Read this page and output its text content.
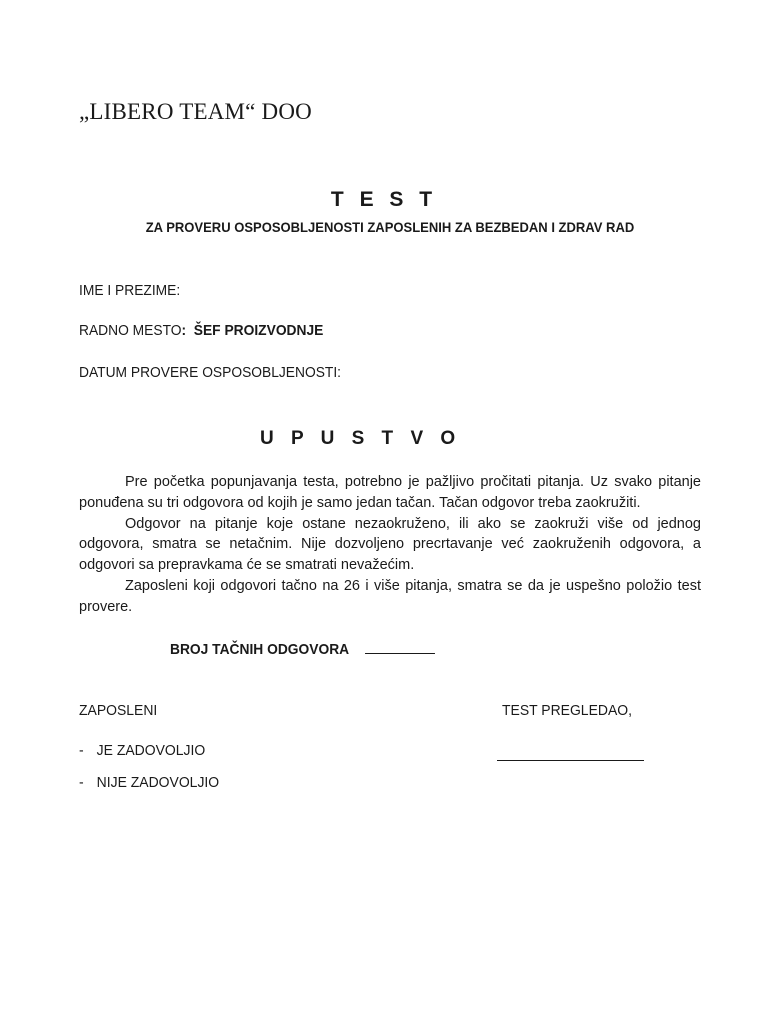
„LIBERO TEAM“ DOO
T E S T
ZA PROVERU OSPOSOBLJENOSTI ZAPOSLENIH ZA BEZBEDAN I ZDRAV RAD
IME I PREZIME:
RADNO MESTO: ŠEF PROIZVODNJE
DATUM PROVERE OSPOSOBLJENOSTI:
U P U S T V O

Pre početka popunjavanja testa, potrebno je pažljivo pročitati pitanja. Uz svako pitanje ponuđena su tri odgovora od kojih je samo jedan tačan. Tačan odgovor treba zaokružiti.

Odgovor na pitanje koje ostane nezaokruženo, ili ako se zaokruži više od jednog odgovora, smatra se netačnim. Nije dozvoljeno precrtavanje već zaokruženih odgovora, a odgovori sa prepravkama će se smatrati nevažećim.

Zaposleni koji odgovori tačno na 26 i više pitanja, smatra se da je uspešno položio test provere.

BROJ TAČNIH ODGOVORA
ZAPOSLENI	TEST PREGLEDAO,
- JE ZADOVOLJIO
- NIJE ZADOVOLJIO
